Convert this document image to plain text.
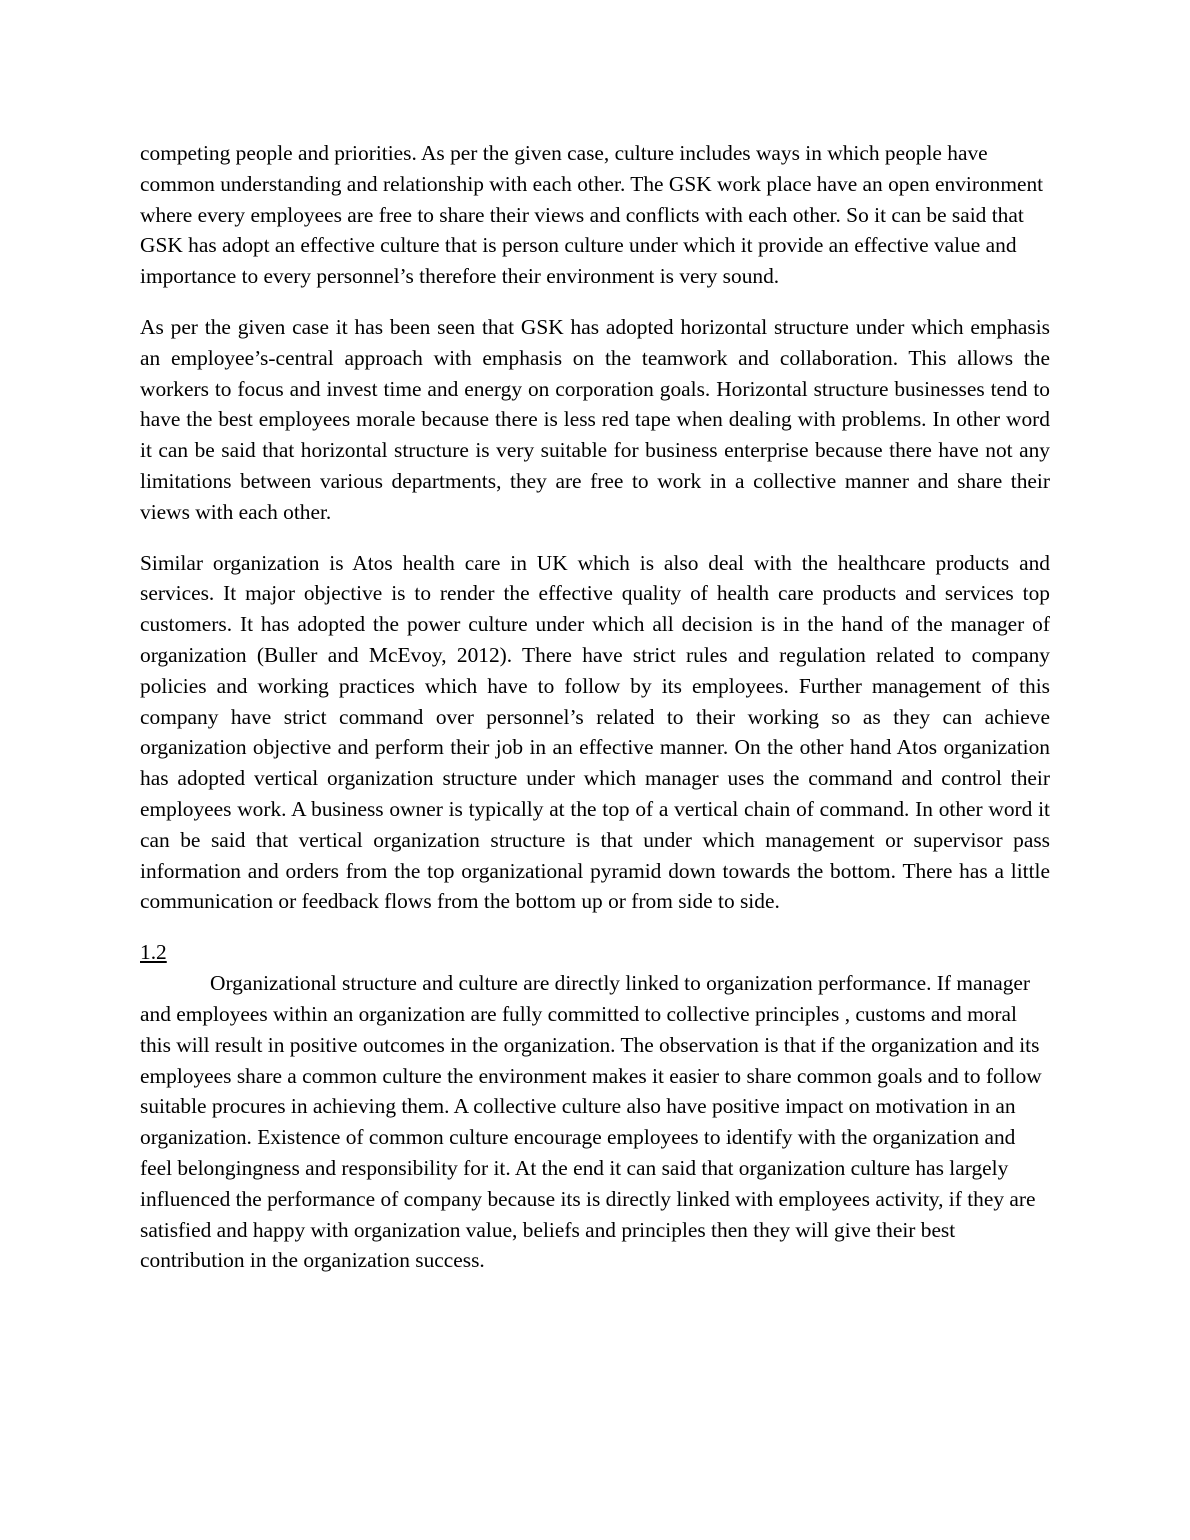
competing people and priorities. As per the given case, culture includes ways in which people have common understanding and relationship with each other. The GSK work place have an open environment where every employees are free to share their views and conflicts with each other. So it can be said that GSK has adopt an effective culture that is person culture under which it provide an effective value and importance to every personnel’s therefore their environment is very sound.

As per the given case it has been seen that GSK has adopted horizontal structure under which emphasis an employee’s-central approach with emphasis on the teamwork and collaboration. This allows the workers to focus and invest time and energy on corporation goals. Horizontal structure businesses tend to have the best employees morale because there is less red tape when dealing with problems. In other word it can be said that horizontal structure is very suitable for business enterprise because there have not any limitations between various departments, they are free to work in a collective manner and share their views with each other.

Similar organization is Atos health care in UK which is also deal with the healthcare products and services. It major objective is to render the effective quality of health care products and services top customers. It has adopted the power culture under which all decision is in the hand of the manager of organization (Buller and McEvoy, 2012). There have strict rules and regulation related to company policies and working practices which have to follow by its employees. Further management of this company have strict command over personnel’s related to their working so as they can achieve organization objective and perform their job in an effective manner. On the other hand Atos organization has adopted vertical organization structure under which manager uses the command and control their employees work. A business owner is typically at the top of a vertical chain of command. In other word it can be said that vertical organization structure is that under which management or supervisor pass information and orders from the top organizational pyramid down towards the bottom. There has a little communication or feedback flows from the bottom up or from side to side.

1.2

Organizational structure and culture are directly linked to organization performance. If manager and employees within an organization are fully committed to collective principles , customs and moral this will result in positive outcomes in the organization. The observation is that if the organization and its employees share a common culture the environment makes it easier to share common goals and to follow suitable procures in achieving them. A collective culture also have positive impact on motivation in an organization. Existence of common culture encourage employees to identify with the organization and feel belongingness and responsibility for it. At the end it can said that organization culture has largely influenced the performance of company because its is directly linked with employees activity, if they are satisfied and happy with organization value, beliefs and principles then they will give their best contribution in the organization success.
